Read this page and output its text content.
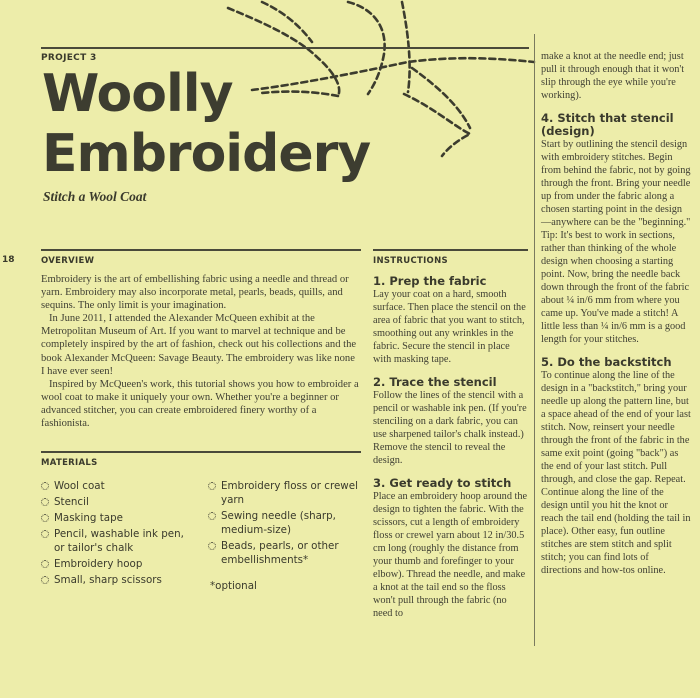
PROJECT 3
Woolly
Embroidery
Stitch a Wool Coat
18	OVERVIEW

Embroidery is the art of embellishing fabric using a needle and thread or yarn. Embroidery may also incorporate metal, pearls, beads, quills, and sequins. The only limit is your imagination.

In June 2011, I attended the Alexander McQueen exhibit at the Metropolitan Museum of Art. If you want to marvel at technique and be completely inspired by the art of fashion, check out his collections and the book Alexander McQueen: Savage Beauty. The embroidery was like none I have ever seen!

Inspired by McQueen's work, this tutorial shows you how to embroider a wool coat to make it uniquely your own. Whether you're a beginner or advanced stitcher, you can create embroidered finery worthy of a fashionista.

MATERIALS
Wool coat
Stencil
Masking tape
Pencil, washable ink pen, or tailor's chalk
Embroidery hoop
Small, sharp scissors
Embroidery floss or crewel yarn
Sewing needle (sharp, medium-size)
Beads, pearls, or other embellishments*
*optional
INSTRUCTIONS
1. Prep the fabric
Lay your coat on a hard, smooth surface. Then place the stencil on the area of fabric that you want to stitch, smoothing out any wrinkles in the fabric. Secure the stencil in place with masking tape.
2. Trace the stencil
Follow the lines of the stencil with a pencil or washable ink pen. (If you're stenciling on a dark fabric, you can use sharpened tailor's chalk instead.) Remove the stencil to reveal the design.
3. Get ready to stitch
Place an embroidery hoop around the design to tighten the fabric. With the scissors, cut a length of embroidery floss or crewel yarn about 12 in/30.5 cm long (roughly the distance from your thumb and forefinger to your elbow). Thread the needle, and make a knot at the tail end so the floss won't pull through the fabric (no need to
make a knot at the needle end; just pull it through enough that it won't slip through the eye while you're working).
4. Stitch that stencil (design)
Start by outlining the stencil design with embroidery stitches. Begin from behind the fabric, not by going through the front. Bring your needle up from under the fabric along a chosen starting point in the design—anywhere can be the "beginning." Tip: It's best to work in sections, rather than thinking of the whole design when choosing a starting point. Now, bring the needle back down through the front of the fabric about ¼ in/6 mm from where you came up. You've made a stitch! A little less than ¼ in/6 mm is a good length for your stitches.
5. Do the backstitch
To continue along the line of the design in a "backstitch," bring your needle up along the pattern line, but a space ahead of the end of your last stitch. Now, reinsert your needle through the front of the fabric in the same exit point (going "back") as the end of your last stitch. Pull through, and close the gap. Repeat. Continue along the line of the design until you hit the knot or reach the tail end (holding the tail in place). Other easy, fun outline stitches are stem stitch and split stitch; you can find lots of directions and how-tos online.
